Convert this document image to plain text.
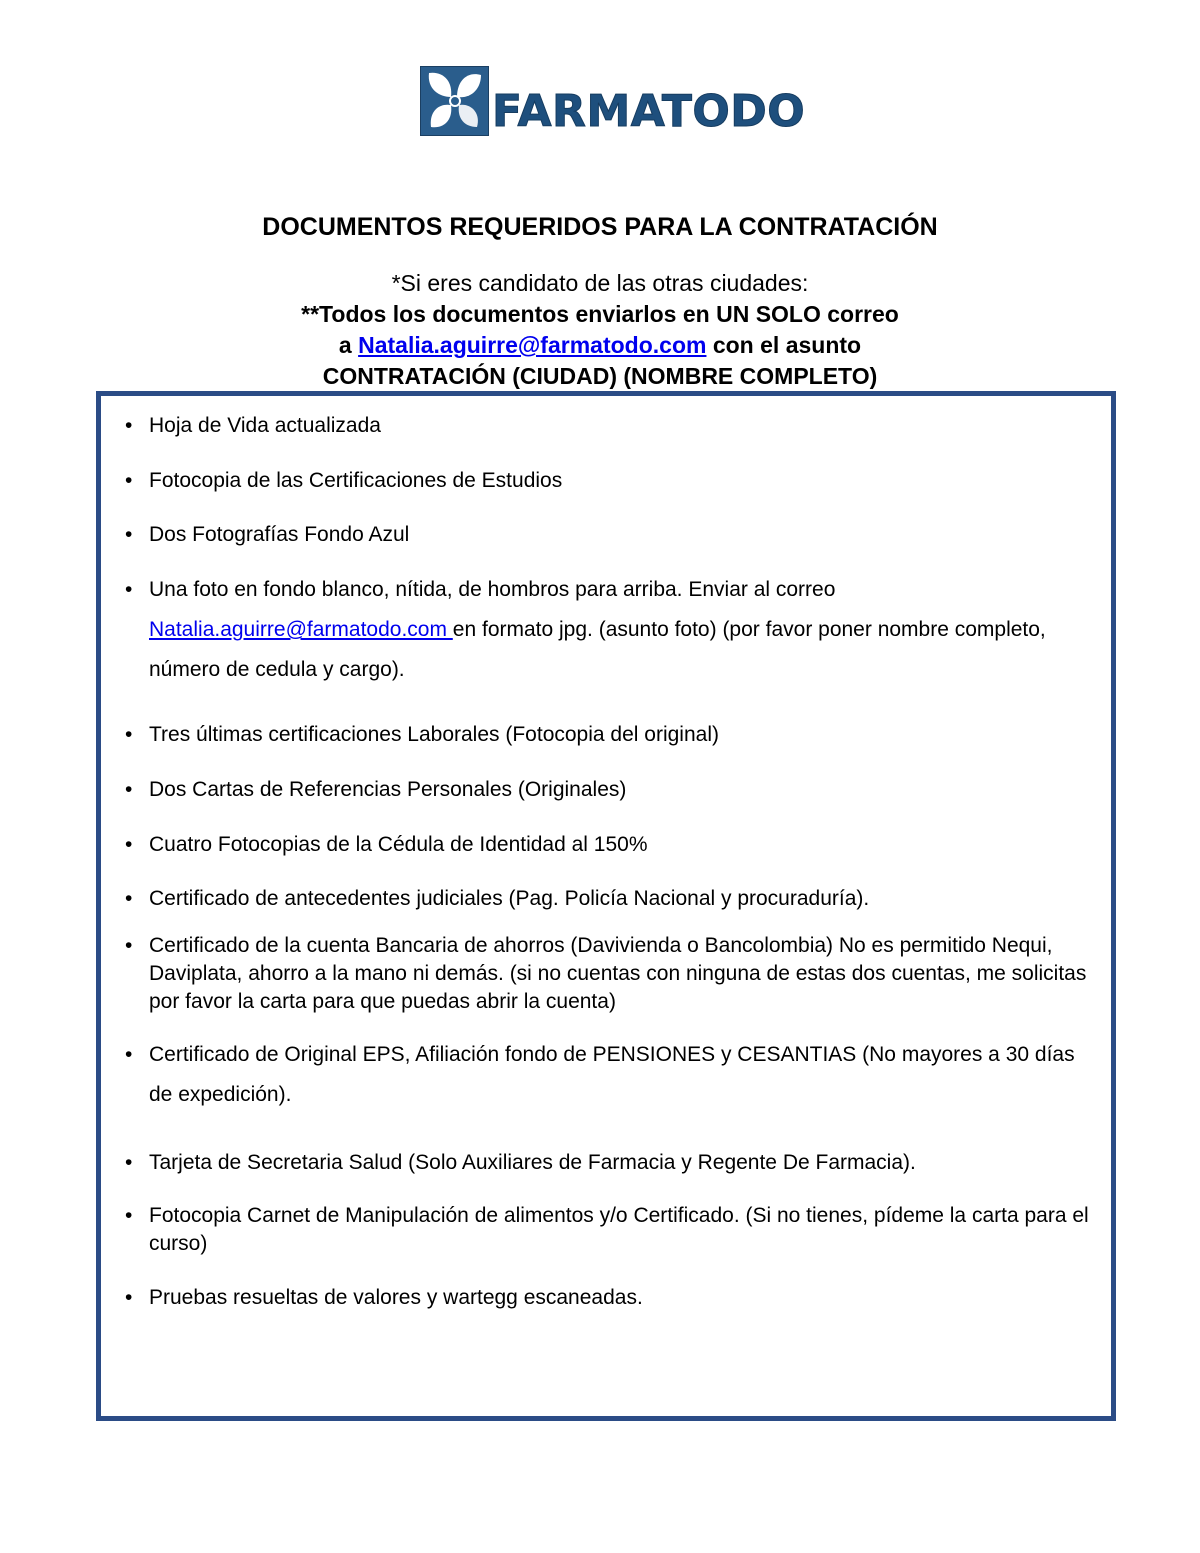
FARMATODO
DOCUMENTOS REQUERIDOS PARA LA CONTRATACIÓN
*Si eres candidato de las otras ciudades:
**Todos los documentos enviarlos en UN SOLO correo
a Natalia.aguirre@farmatodo.com con el asunto
CONTRATACIÓN (CIUDAD) (NOMBRE COMPLETO)
• Hoja de Vida actualizada
• Fotocopia de las Certificaciones de Estudios
• Dos Fotografías Fondo Azul
• Una foto en fondo blanco, nítida, de hombros para arriba. Enviar al correo
Natalia.aguirre@farmatodo.com en formato jpg. (asunto foto) (por favor poner nombre completo, número de cedula y cargo).
• Tres últimas certificaciones Laborales (Fotocopia del original)
• Dos Cartas de Referencias Personales (Originales)
• Cuatro Fotocopias de la Cédula de Identidad al 150%
• Certificado de antecedentes judiciales (Pag. Policía Nacional y procuraduría).
• Certificado de la cuenta Bancaria de ahorros (Davivienda o Bancolombia) No es permitido Nequi, Daviplata, ahorro a la mano ni demás. (si no cuentas con ninguna de estas dos cuentas, me solicitas por favor la carta para que puedas abrir la cuenta)
• Certificado de Original EPS, Afiliación fondo de PENSIONES y CESANTIAS (No mayores a 30 días de expedición).
• Tarjeta de Secretaria Salud (Solo Auxiliares de Farmacia y Regente De Farmacia).
• Fotocopia Carnet de Manipulación de alimentos y/o Certificado. (Si no tienes, pídeme la carta para el curso)
• Pruebas resueltas de valores y wartegg escaneadas.
